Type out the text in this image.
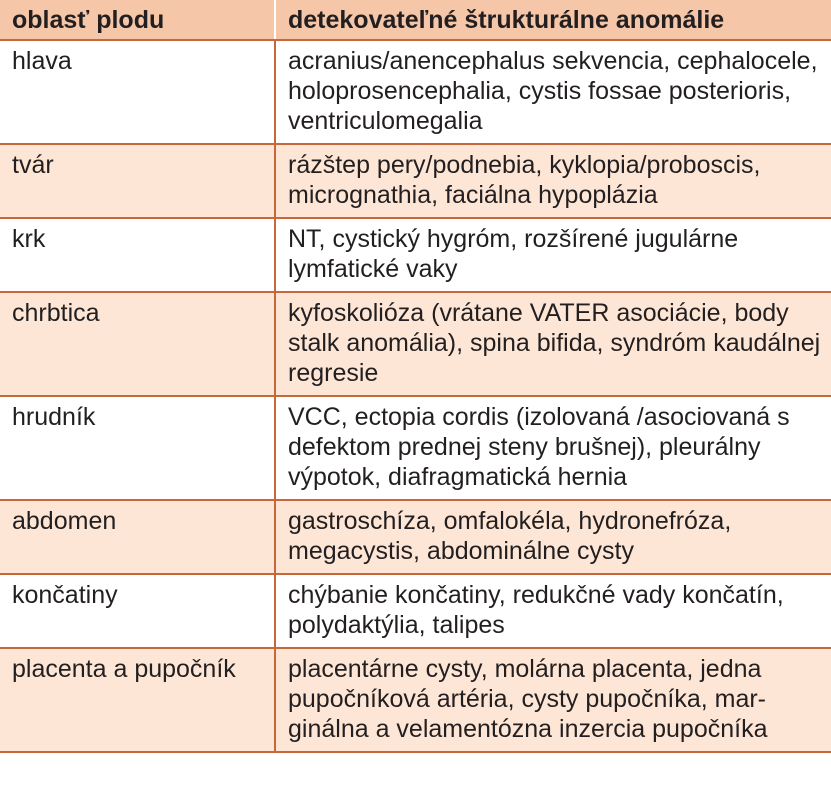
oblasť plodu	detekovateľné štrukturálne anomálie
hlava	acranius/anencephalus sekvencia, cephalocele, holoprosencephalia, cystis fossae posterioris, ventriculomegalia
tvár	rázštep pery/podnebia, kyklopia/proboscis, micrognathia, faciálna hypoplázia
krk	NT, cystický hygróm, rozšírené jugulárne lymfatické vaky
chrbtica	kyfoskolióza (vrátane VATER asociácie, body stalk anomália), spina bifida, syndróm kaudálnej regresie
hrudník	VCC, ectopia cordis (izolovaná /asociovaná s defektom prednej steny brušnej), pleurálny výpotok, diafragmatická hernia
abdomen	gastroschíza, omfalokéla, hydronefróza, megacystis, abdominálne cysty
končatiny	chýbanie končatiny, redukčné vady končatín, polydaktýlia, talipes
placenta a pupočník	placentárne cysty, molárna placenta, jedna pupočníková artéria, cysty pupočníka, mar-ginálna a velamentózna inzercia pupočníka
